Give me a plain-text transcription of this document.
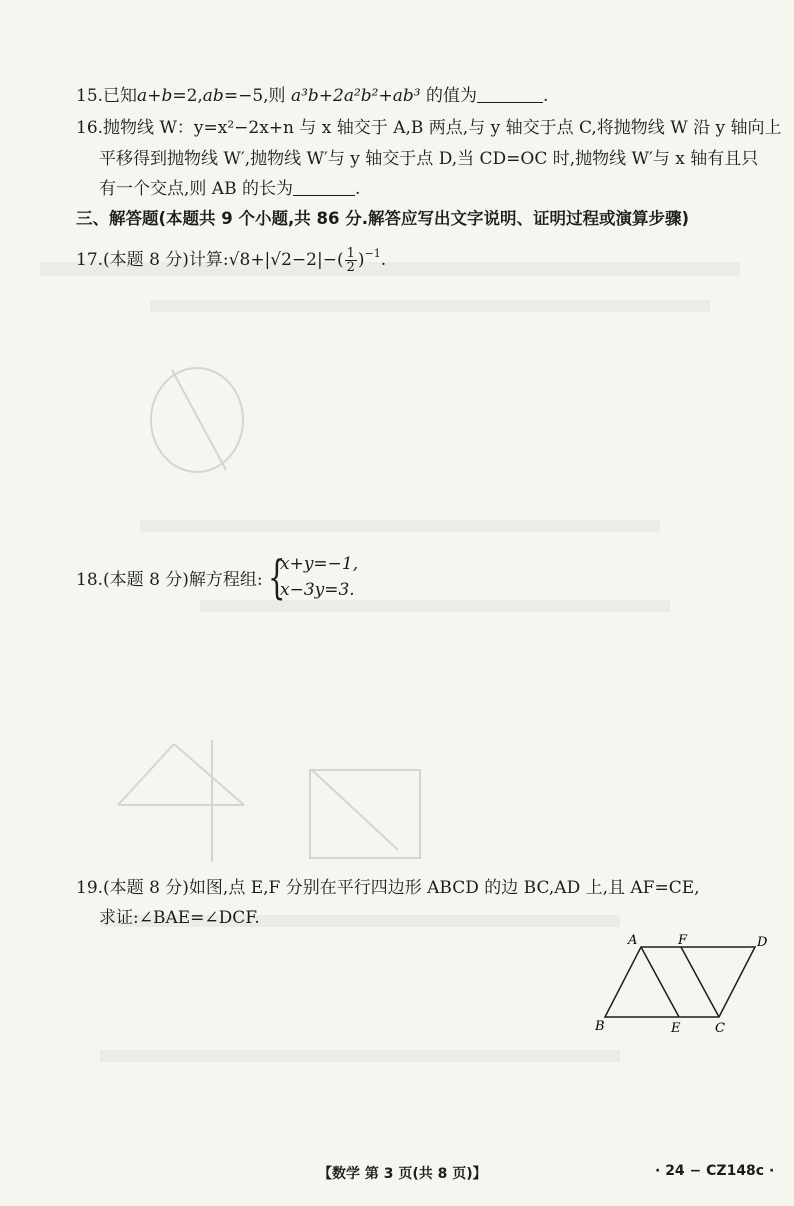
15.已知a+b=2,ab=−5,则 a³b+2a²b²+ab³ 的值为	.
16.抛物线 W：y=x²−2x+n 与 x 轴交于 A,B 两点,与 y 轴交于点 C,将抛物线 W 沿 y 轴向上
平移得到抛物线 W′,抛物线 W′与 y 轴交于点 D,当 CD=OC 时,抛物线 W′与 x 轴有且只
有一个交点,则 AB 的长为	.
三、解答题(本题共 9 个小题,共 86 分.解答应写出文字说明、证明过程或演算步骤)
17.(本题 8 分)计算:√8+|√2−2|−( $\frac{1}{2} )^{-1}$.
18.(本题 8 分)解方程组: {
x+y=−1,
x−3y=3.
19.(本题 8 分)如图,点 E,F 分别在平行四边形 ABCD 的边 BC,AD 上,且 AF=CE,
求证:∠BAE=∠DCF.
A	F	D
B	E	C
【数学 第 3 页(共 8 页)】	· 24 − CZ148c ·
